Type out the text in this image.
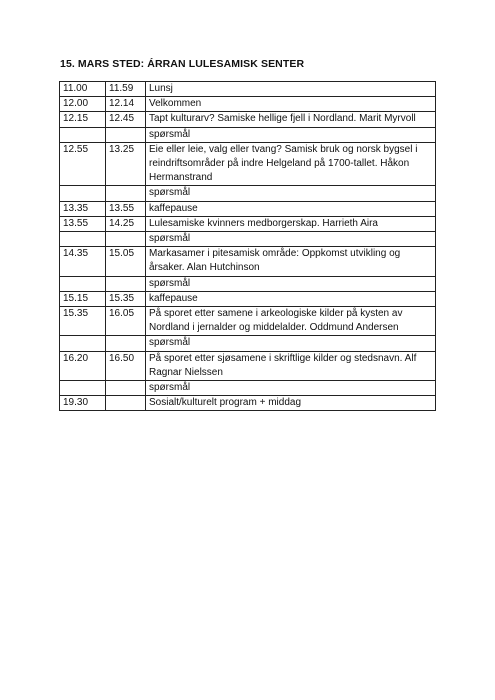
15. MARS STED: ÁRRAN LULESAMISK SENTER
11.00	11.59	Lunsj
12.00	12.14	Velkommen
12.15	12.45	Tapt kulturarv? Samiske hellige fjell i Nordland. Marit Myrvoll
		spørsmål
12.55	13.25	Eie eller leie, valg eller tvang? Samisk bruk og norsk bygsel i reindriftsområder på indre Helgeland på 1700-tallet. Håkon Hermanstrand
		spørsmål
13.35	13.55	kaffepause
13.55	14.25	Lulesamiske kvinners medborgerskap. Harrieth Aira
		spørsmål
14.35	15.05	Markasamer i pitesamisk område: Oppkomst utvikling og årsaker. Alan Hutchinson
		spørsmål
15.15	15.35	kaffepause
15.35	16.05	På sporet etter samene i arkeologiske kilder på kysten av Nordland i jernalder og middelalder. Oddmund Andersen
		spørsmål
16.20	16.50	På sporet etter sjøsamene i skriftlige kilder og stedsnavn. Alf Ragnar Nielssen
		spørsmål
19.30		Sosialt/kulturelt program + middag
